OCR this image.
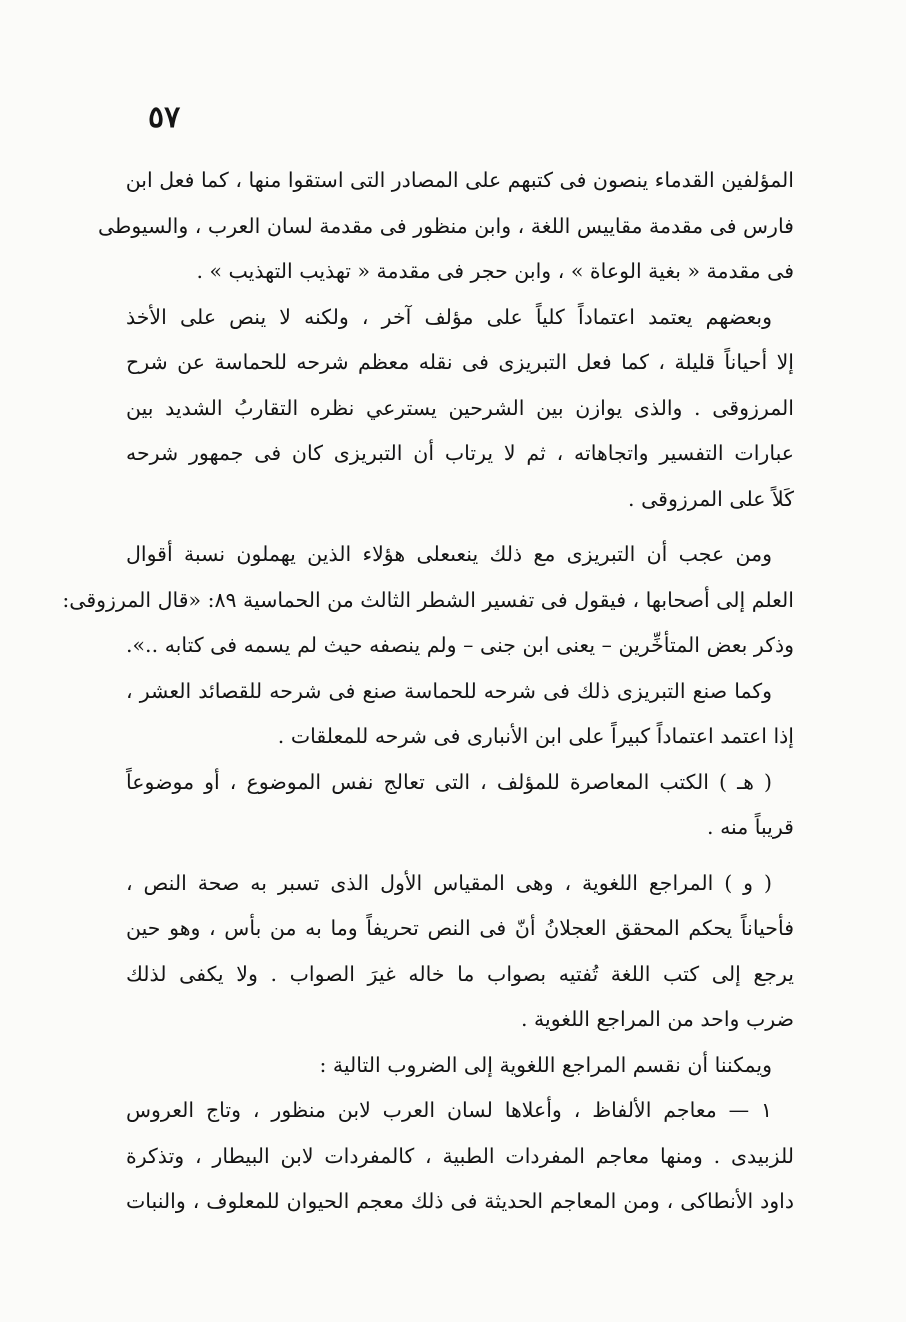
٥٧
المؤلفين القدماء ينصون فى كتبهم على المصادر التى استقوا منها ، كما فعل ابن
فارس فى مقدمة مقاييس اللغة ، وابن منظور فى مقدمة لسان العرب ، والسيوطى
فى مقدمة « بغية الوعاة » ، وابن حجر فى مقدمة « تهذيب التهذيب » .
وبعضهم يعتمد اعتماداً كلياً على مؤلف آخر ، ولكنه لا ينص على الأخذ
إلا أحياناً قليلة ، كما فعل التبريزى فى نقله معظم شرحه للحماسة عن شرح
المرزوقى . والذى يوازن بين الشرحين يسترعي نظره التقاربُ الشديد بين
عبارات التفسير واتجاهاته ، ثم لا يرتاب أن التبريزى كان فى جمهور شرحه
كَلاً على المرزوقى .
ومن عجب أن التبريزى مع ذلك ينعىعلى هؤلاء الذين يهملون نسبة أقوال
العلم إلى أصحابها ، فيقول فى تفسير الشطر الثالث من الحماسية ٨٩: «قال المرزوقى:
وذكر بعض المتأخِّرين – يعنى ابن جنى – ولم ينصفه حيث لم يسمه فى كتابه ..».
وكما صنع التبريزى ذلك فى شرحه للحماسة صنع فى شرحه للقصائد العشر ،
إذا اعتمد اعتماداً كبيراً على ابن الأنبارى فى شرحه للمعلقات .
( هـ ) الكتب المعاصرة للمؤلف ، التى تعالج نفس الموضوع ، أو موضوعاً
قريباً منه .
( و ) المراجع اللغوية ، وهى المقياس الأول الذى تسبر به صحة النص ،
فأحياناً يحكم المحقق العجلانُ أنّ فى النص تحريفاً وما به من بأس ، وهو حين
يرجع إلى كتب اللغة تُفتيه بصواب ما خاله غيرَ الصواب . ولا يكفى لذلك
ضرب واحد من المراجع اللغوية .
ويمكننا أن نقسم المراجع اللغوية إلى الضروب التالية :
١ — معاجم الألفاظ ، وأعلاها لسان العرب لابن منظور ، وتاج العروس
للزبيدى . ومنها معاجم المفردات الطبية ، كالمفردات لابن البيطار ، وتذكرة
داود الأنطاكى ، ومن المعاجم الحديثة فى ذلك معجم الحيوان للمعلوف ، والنبات
